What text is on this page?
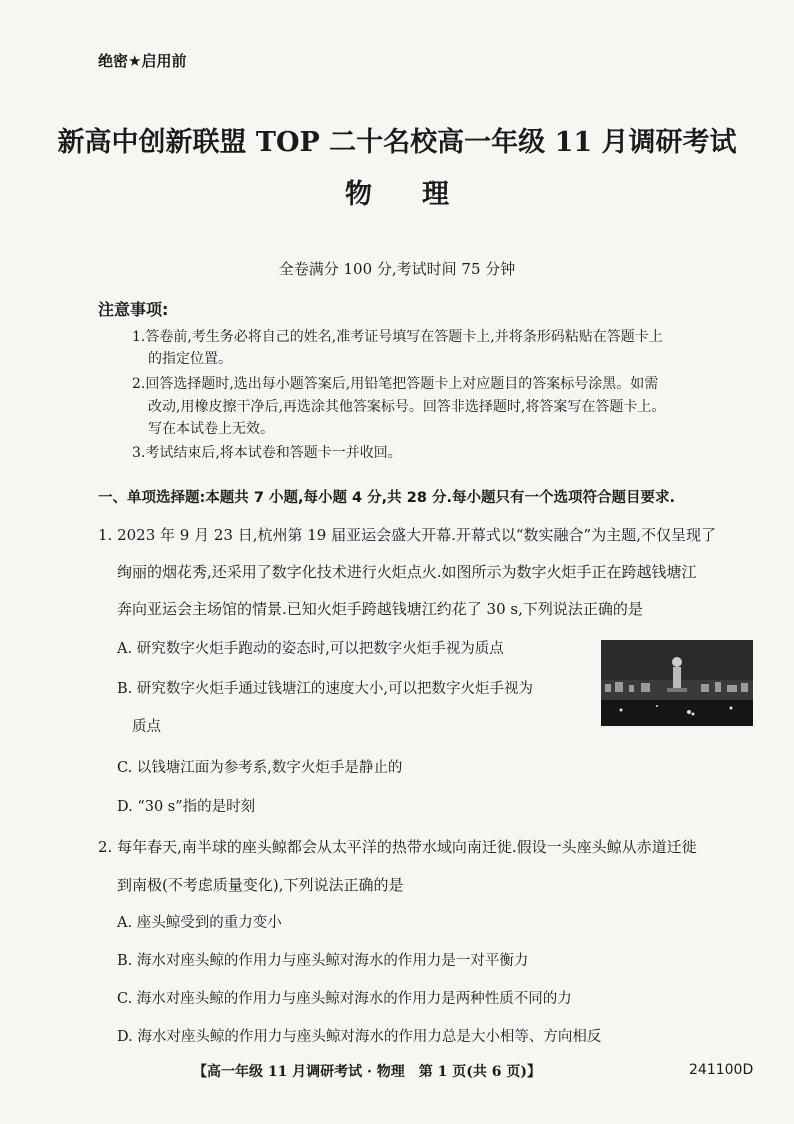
绝密★启用前
新高中创新联盟 TOP 二十名校高一年级 11 月调研考试
物理
全卷满分 100 分,考试时间 75 分钟
注意事项:
1.答卷前,考生务必将自己的姓名,准考证号填写在答题卡上,并将条形码粘贴在答题卡上
的指定位置。
2.回答选择题时,选出每小题答案后,用铅笔把答题卡上对应题目的答案标号涂黑。如需
改动,用橡皮擦干净后,再选涂其他答案标号。回答非选择题时,将答案写在答题卡上。
写在本试卷上无效。
3.考试结束后,将本试卷和答题卡一并收回。
一、单项选择题:本题共 7 小题,每小题 4 分,共 28 分.每小题只有一个选项符合题目要求.
1. 2023 年 9 月 23 日,杭州第 19 届亚运会盛大开幕.开幕式以“数实融合”为主题,不仅呈现了
绚丽的烟花秀,还采用了数字化技术进行火炬点火.如图所示为数字火炬手正在跨越钱塘江
奔向亚运会主场馆的情景.已知火炬手跨越钱塘江约花了 30 s,下列说法正确的是
A. 研究数字火炬手跑动的姿态时,可以把数字火炬手视为质点
B. 研究数字火炬手通过钱塘江的速度大小,可以把数字火炬手视为
质点
C. 以钱塘江面为参考系,数字火炬手是静止的
D. “30 s”指的是时刻
2. 每年春天,南半球的座头鲸都会从太平洋的热带水域向南迁徙.假设一头座头鲸从赤道迁徙
到南极(不考虑质量变化),下列说法正确的是
A. 座头鲸受到的重力变小
B. 海水对座头鲸的作用力与座头鲸对海水的作用力是一对平衡力
C. 海水对座头鲸的作用力与座头鲸对海水的作用力是两种性质不同的力
D. 海水对座头鲸的作用力与座头鲸对海水的作用力总是大小相等、方向相反
【高一年级 11 月调研考试 · 物理　第 1 页(共 6 页)】	241100D
